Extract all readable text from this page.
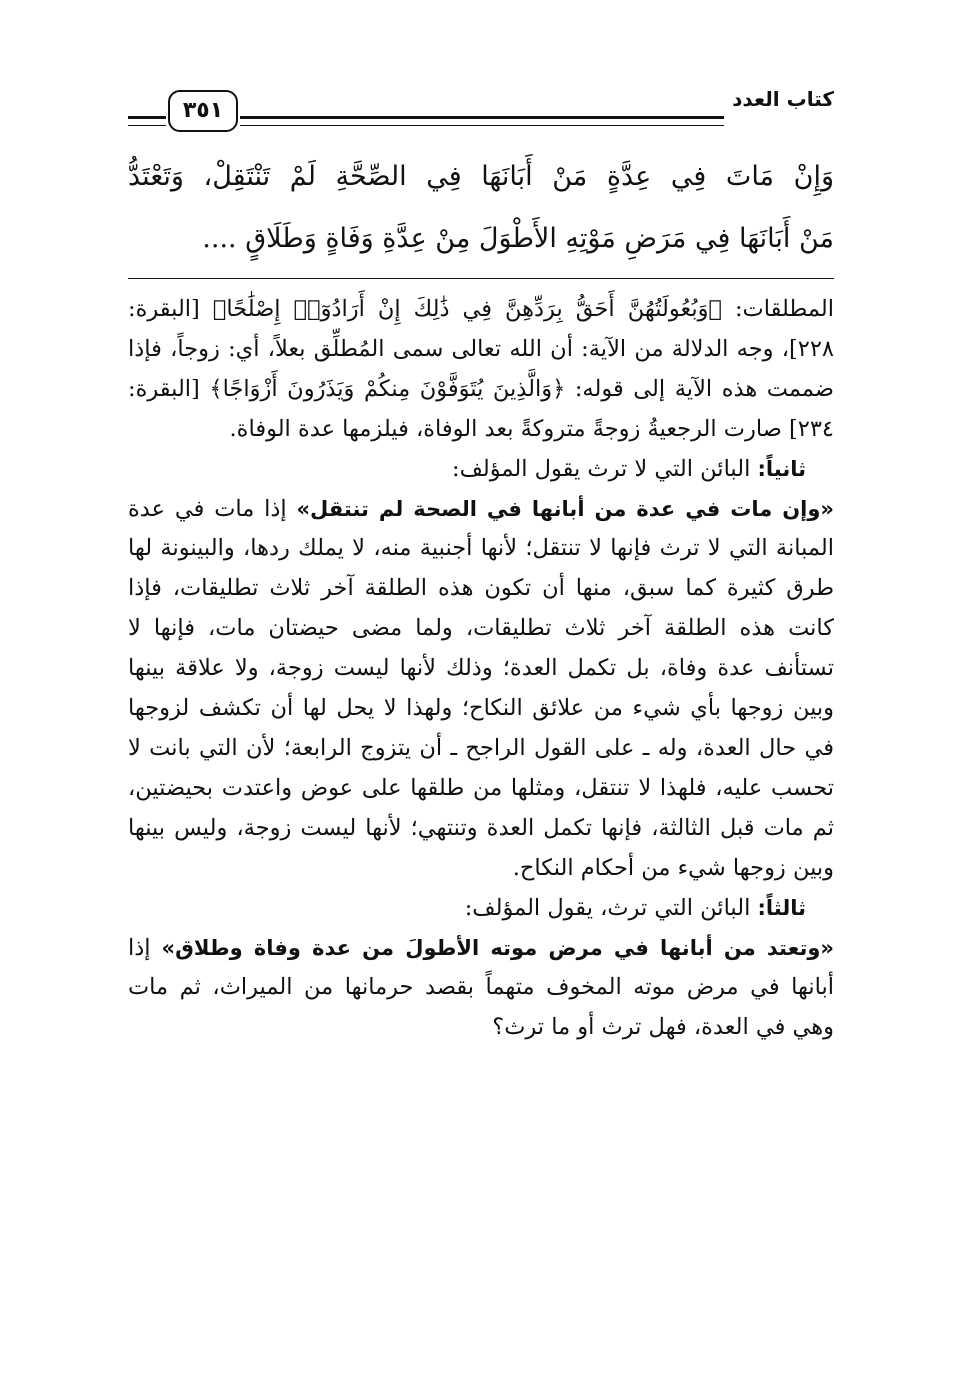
كتاب العدد
٣٥١

وَإِنْ مَاتَ فِي عِدَّةٍ مَنْ أَبَانَهَا فِي الصِّحَّةِ لَمْ تَنْتَقِلْ، وَتَعْتَدُّ

مَنْ أَبَانَهَا فِي مَرَضِ مَوْتِهِ الأَطْوَلَ مِنْ عِدَّةِ وَفَاةٍ وَطَلَاقٍ ....

المطلقات: ﴿وَبُعُولَتُهُنَّ أَحَقُّ بِرَدِّهِنَّ فِي ذَٰلِكَ إِنْ أَرَادُوٓا۟ إِصْلَٰحًا﴾ [البقرة: ٢٢٨]، وجه الدلالة من الآية: أن الله تعالى سمى المُطلِّق بعلاً، أي: زوجاً، فإذا ضممت هذه الآية إلى قوله: ﴿وَالَّذِينَ يُتَوَفَّوْنَ مِنكُمْ وَيَذَرُونَ أَزْوَاجًا﴾ [البقرة: ٢٣٤] صارت الرجعيةُ زوجةً متروكةً بعد الوفاة، فيلزمها عدة الوفاة.

ثانياً: البائن التي لا ترث يقول المؤلف:

«وإن مات في عدة من أبانها في الصحة لم تنتقل» إذا مات في عدة المبانة التي لا ترث فإنها لا تنتقل؛ لأنها أجنبية منه، لا يملك ردها، والبينونة لها طرق كثيرة كما سبق، منها أن تكون هذه الطلقة آخر ثلاث تطليقات، فإذا كانت هذه الطلقة آخر ثلاث تطليقات، ولما مضى حيضتان مات، فإنها لا تستأنف عدة وفاة، بل تكمل العدة؛ وذلك لأنها ليست زوجة، ولا علاقة بينها وبين زوجها بأي شيء من علائق النكاح؛ ولهذا لا يحل لها أن تكشف لزوجها في حال العدة، وله ـ على القول الراجح ـ أن يتزوج الرابعة؛ لأن التي بانت لا تحسب عليه، فلهذا لا تنتقل، ومثلها من طلقها على عوض واعتدت بحيضتين، ثم مات قبل الثالثة، فإنها تكمل العدة وتنتهي؛ لأنها ليست زوجة، وليس بينها وبين زوجها شيء من أحكام النكاح.

ثالثاً: البائن التي ترث، يقول المؤلف:

«وتعتد من أبانها في مرض موته الأطولَ من عدة وفاة وطلاق» إذا أبانها في مرض موته المخوف متهماً بقصد حرمانها من الميراث، ثم مات وهي في العدة، فهل ترث أو ما ترث؟
